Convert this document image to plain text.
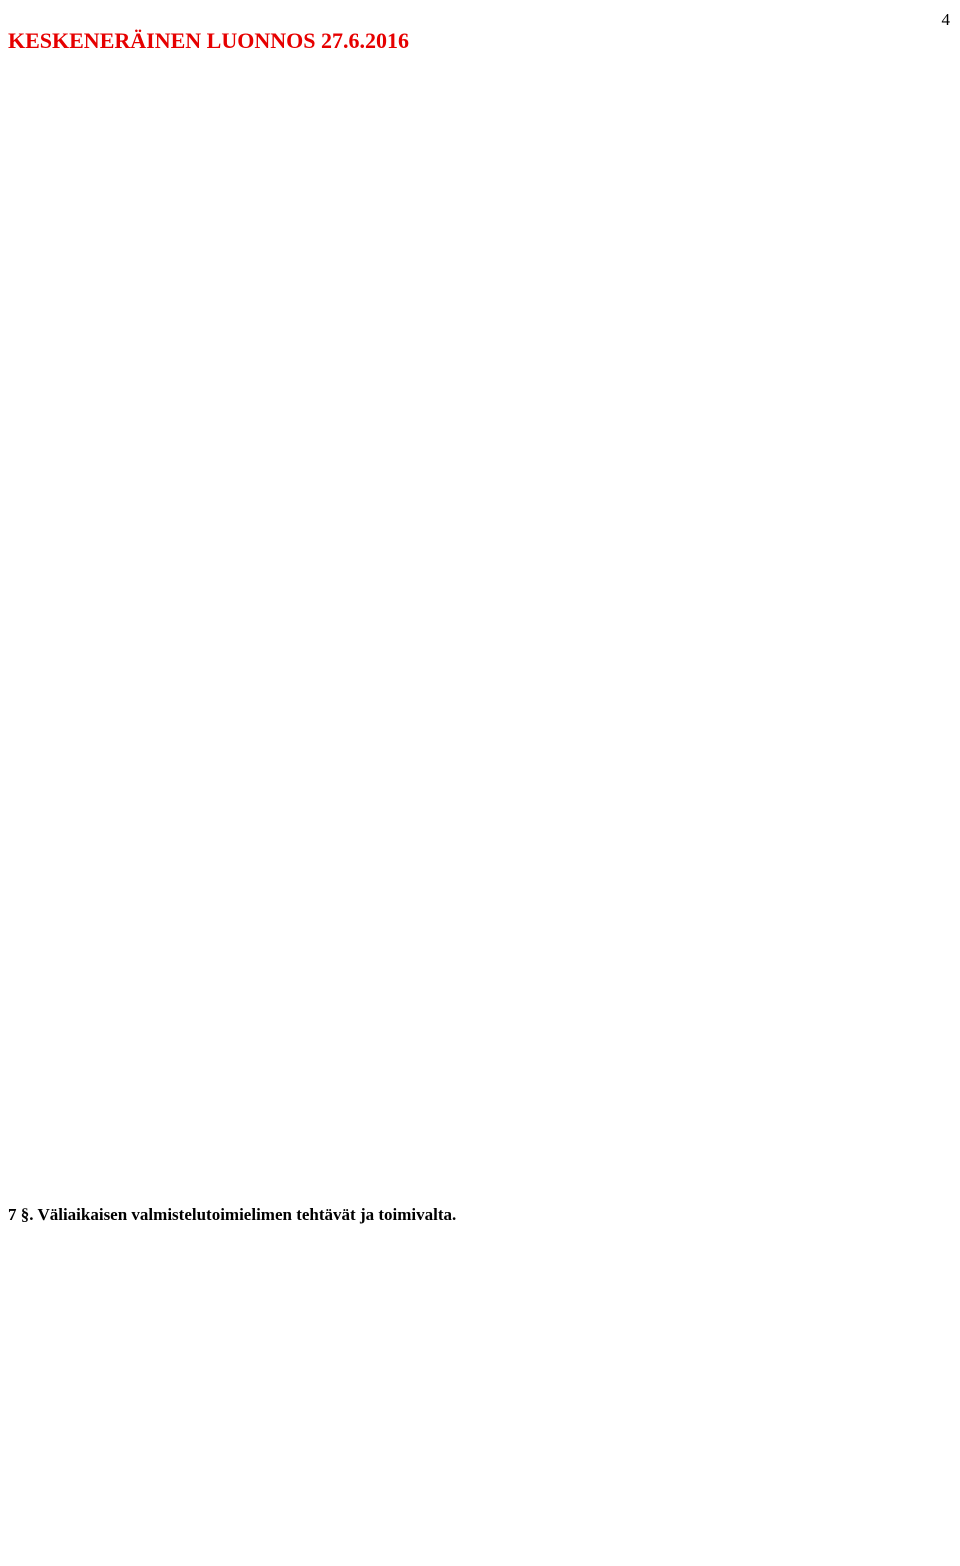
KESKENERÄINEN LUONNOS 27.6.2016
4
7 §. Väliaikaisen valmistelutoimielimen tehtävät ja toimivalta.
